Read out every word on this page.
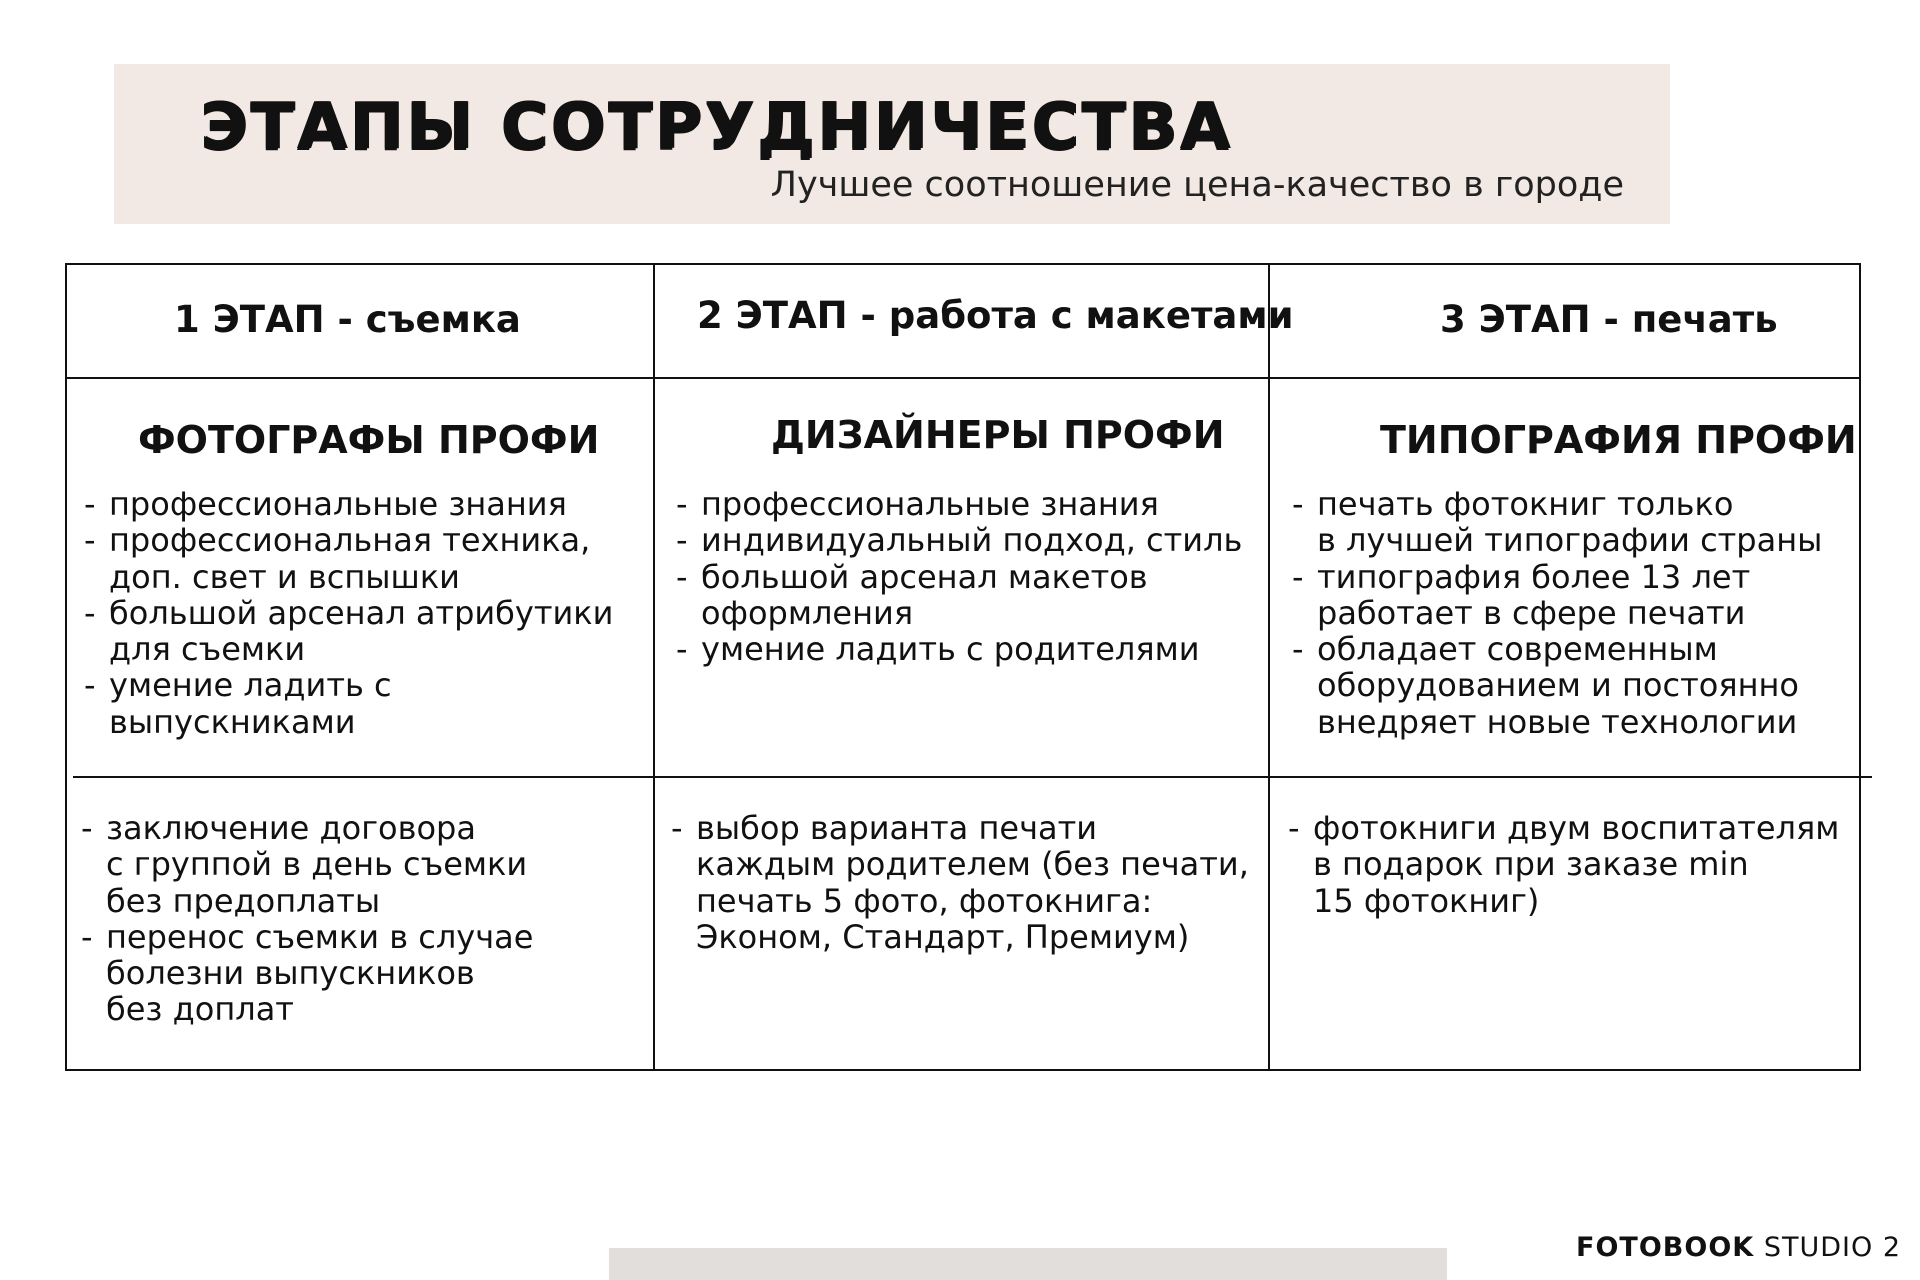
ЭТАПЫ СОТРУДНИЧЕСТВА
Лучшее соотношение цена-качество в городе
1 ЭТАП - съемка
ФОТОГРАФЫ ПРОФИ
- профессиональные знания
- профессиональная техника,
доп. свет и вспышки
- большой арсенал атрибутики
для съемки
- умение ладить с выпускниками
- заключение договора
с группой в день съемки
без предоплаты
- перенос съемки в случае
болезни выпускников
без доплат
2 ЭТАП - работа с макетами
ДИЗАЙНЕРЫ ПРОФИ
- профессиональные знания
- индивидуальный подход, стиль
- большой арсенал макетов
оформления
- умение ладить с родителями
- выбор варианта печати
каждым родителем (без печати,
печать 5 фото, фотокнига:
Эконом, Стандарт, Премиум)
3 ЭТАП - печать
ТИПОГРАФИЯ ПРОФИ
- печать фотокниг только
в лучшей типографии страны
- типография более 13 лет
работает в сфере печати
- обладает современным
оборудованием и постоянно
внедряет новые технологии
- фотокниги двум воспитателям
в подарок при заказе min
15 фотокниг)
FOTOBOOK STUDIO 2
